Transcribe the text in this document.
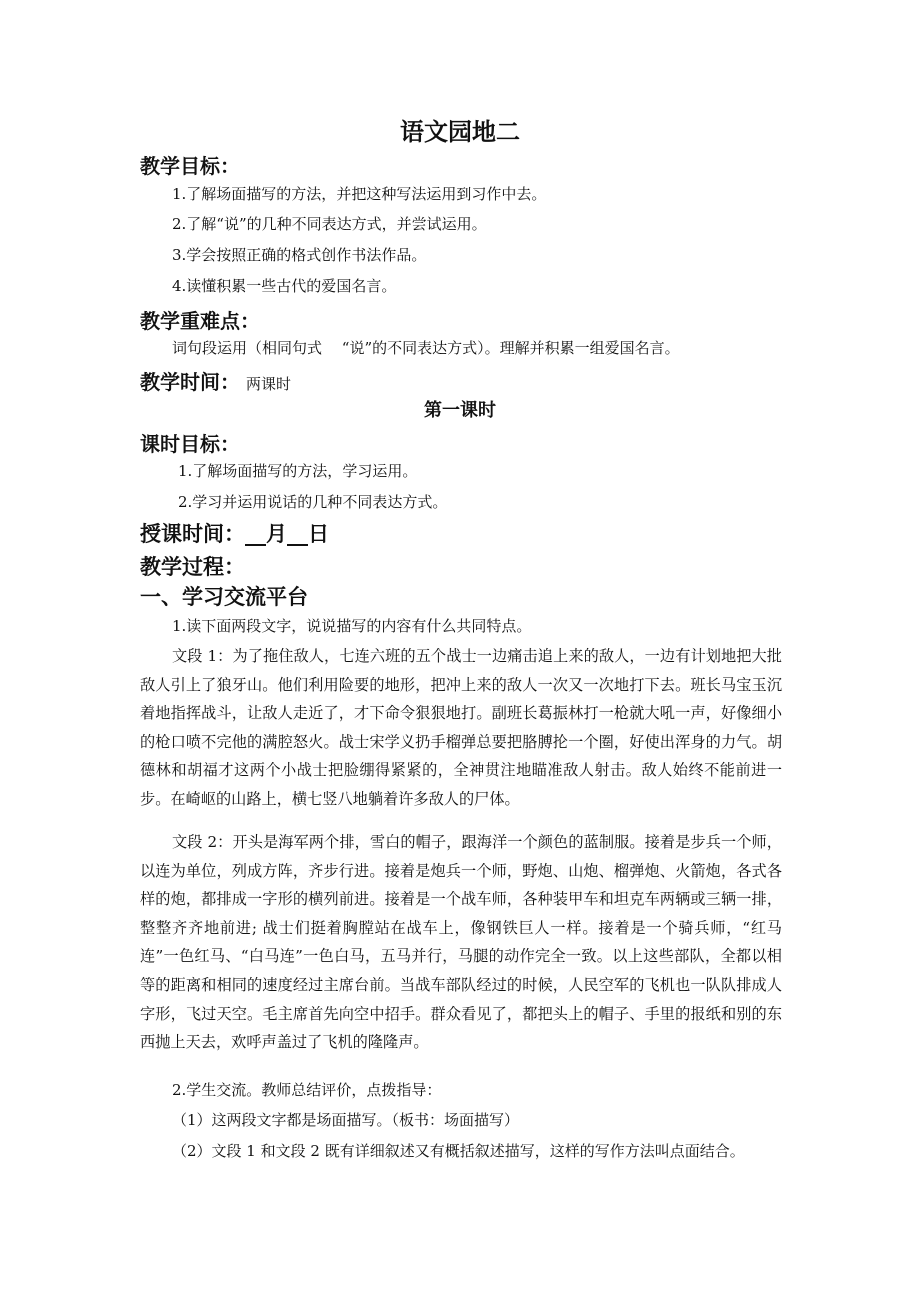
语文园地二
教学目标：
1.了解场面描写的方法，并把这种写法运用到习作中去。
2.了解“说”的几种不同表达方式，并尝试运用。
3.学会按照正确的格式创作书法作品。
4.读懂积累一些古代的爱国名言。
教学重难点：
词句段运用（相同句式 　“说”的不同表达方式）。理解并积累一组爱国名言。
教学时间： 两课时
第一课时
课时目标：
1.了解场面描写的方法，学习运用。
2.学习并运用说话的几种不同表达方式。
授课时间：__月__日
教学过程：
一、学习交流平台
1.读下面两段文字，说说描写的内容有什么共同特点。

文段 1：为了拖住敌人，七连六班的五个战士一边痛击追上来的敌人，一边有计划地把大批敌人引上了狼牙山。他们利用险要的地形，把冲上来的敌人一次又一次地打下去。班长马宝玉沉着地指挥战斗，让敌人走近了，才下命令狠狠地打。副班长葛振林打一枪就大吼一声，好像细小的枪口喷不完他的满腔怒火。战士宋学义扔手榴弹总要把胳膊抡一个圈，好使出浑身的力气。胡德林和胡福才这两个小战士把脸绷得紧紧的，全神贯注地瞄准敌人射击。敌人始终不能前进一步。在崎岖的山路上，横七竖八地躺着许多敌人的尸体。

文段 2：开头是海军两个排，雪白的帽子，跟海洋一个颜色的蓝制服。接着是步兵一个师，以连为单位，列成方阵，齐步行进。接着是炮兵一个师，野炮、山炮、榴弹炮、火箭炮，各式各样的炮，都排成一字形的横列前进。接着是一个战车师，各种装甲车和坦克车两辆或三辆一排，整整齐齐地前进; 战士们挺着胸膛站在战车上，像钢铁巨人一样。接着是一个骑兵师，“红马连”一色红马、“白马连”一色白马，五马并行，马腿的动作完全一致。以上这些部队，全都以相等的距离和相同的速度经过主席台前。当战车部队经过的时候，人民空军的飞机也一队队排成人字形，飞过天空。毛主席首先向空中招手。群众看见了，都把头上的帽子、手里的报纸和别的东西抛上天去，欢呼声盖过了飞机的隆隆声。

2.学生交流。教师总结评价，点拨指导：
（1）这两段文字都是场面描写。（板书：场面描写）
（2）文段 1 和文段 2 既有详细叙述又有概括叙述描写，这样的写作方法叫点面结合。
